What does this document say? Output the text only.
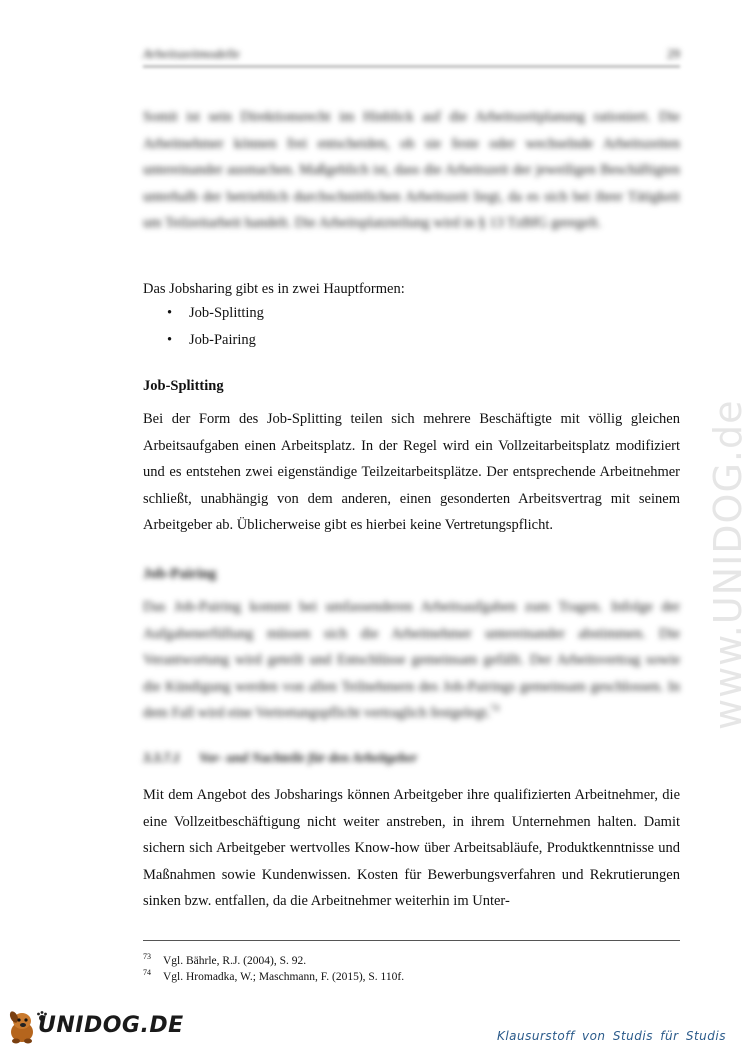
Arbeitszeitmodelle	29
Somit ist sein Direktionsrecht im Hinblick auf die Arbeitszeitplanung rationiert. Die Arbeitnehmer können frei entscheiden, ob sie feste oder wechselnde Arbeitszeiten untereinander ausmachen. Maßgeblich ist, dass die Arbeitszeit der jeweiligen Beschäftigten unterhalb der betrieblich durchschnittlichen Arbeitszeit liegt, da es sich bei ihrer Tätigkeit um Teilzeitarbeit handelt. Die Arbeitsplatzteilung wird in § 13 TzBfG geregelt.
Das Jobsharing gibt es in zwei Hauptformen:
• Job-Splitting
• Job-Pairing
Job-Splitting
Bei der Form des Job-Splitting teilen sich mehrere Beschäftigte mit völlig gleichen Arbeitsaufgaben einen Arbeitsplatz. In der Regel wird ein Vollzeitarbeitsplatz modifiziert und es entstehen zwei eigenständige Teilzeitarbeitsplätze. Der entsprechende Arbeitnehmer schließt, unabhängig von dem anderen, einen gesonderten Arbeitsvertrag mit seinem Arbeitgeber ab. Üblicherweise gibt es hierbei keine Vertretungspflicht.
Job-Pairing
Das Job-Pairing kommt bei umfassenderen Arbeitsaufgaben zum Tragen. Infolge der Aufgabenerfüllung müssen sich die Arbeitnehmer untereinander abstimmen. Die Verantwortung wird geteilt und Entschlüsse gemeinsam gefällt. Der Arbeitsvertrag sowie die Kündigung werden von allen Teilnehmern des Job-Pairings gemeinsam geschlossen. In dem Fall wird eine Vertretungspflicht vertraglich festgelegt.$^{74}$
3.3.7.1 Vor- und Nachteile für den Arbeitgeber
Mit dem Angebot des Jobsharings können Arbeitgeber ihre qualifizierten Arbeitnehmer, die eine Vollzeitbeschäftigung nicht weiter anstreben, in ihrem Unternehmen halten. Damit sichern sich Arbeitgeber wertvolles Know-how über Arbeitsabläufe, Produktkenntnisse und Maßnahmen sowie Kundenwissen. Kosten für Bewerbungsverfahren und Rekrutierungen sinken bzw. entfallen, da die Arbeitnehmer weiterhin im Unter-
73 Vgl. Bährle, R.J. (2004), S. 92.
74 Vgl. Hromadka, W.; Maschmann, F. (2015), S. 110f.
www.UNIDOG.de
UNIDOG.DE	Klausurstoff von Studis für Studis
